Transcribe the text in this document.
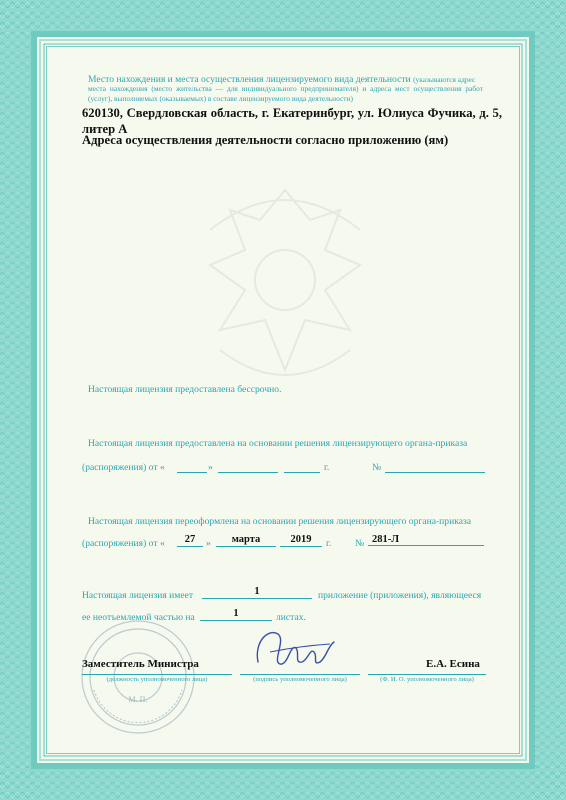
Место нахождения и места осуществления лицензируемого вида деятельности (указываются адрес
места нахождения (место жительства — для индивидуального предпринимателя) и адреса мест осуществления работ (услуг), выполняемых (оказываемых) в составе лицензируемого вида деятельности)
620130, Свердловская область, г. Екатеринбург, ул. Юлиуса Фучика, д. 5, литер А
Адреса осуществления деятельности согласно приложению (ям)
Настоящая лицензия предоставлена бессрочно.
Настоящая лицензия предоставлена на основании решения лицензирующего органа-приказа
(распоряжения) от «	»	г.	№
Настоящая лицензия переоформлена на основании решения лицензирующего органа-приказа
(распоряжения) от «	27	»	марта	2019	г. № 281-Л
Настоящая лицензия имеет	1	приложение (приложения), являющееся
ее неотъемлемой частью на	1	листах.
М. П.
Заместитель Министра	Е.А. Есина
(должность уполномоченного лица)	(подпись уполномоченного лица)	(Ф. И. О. уполномоченного лица)
